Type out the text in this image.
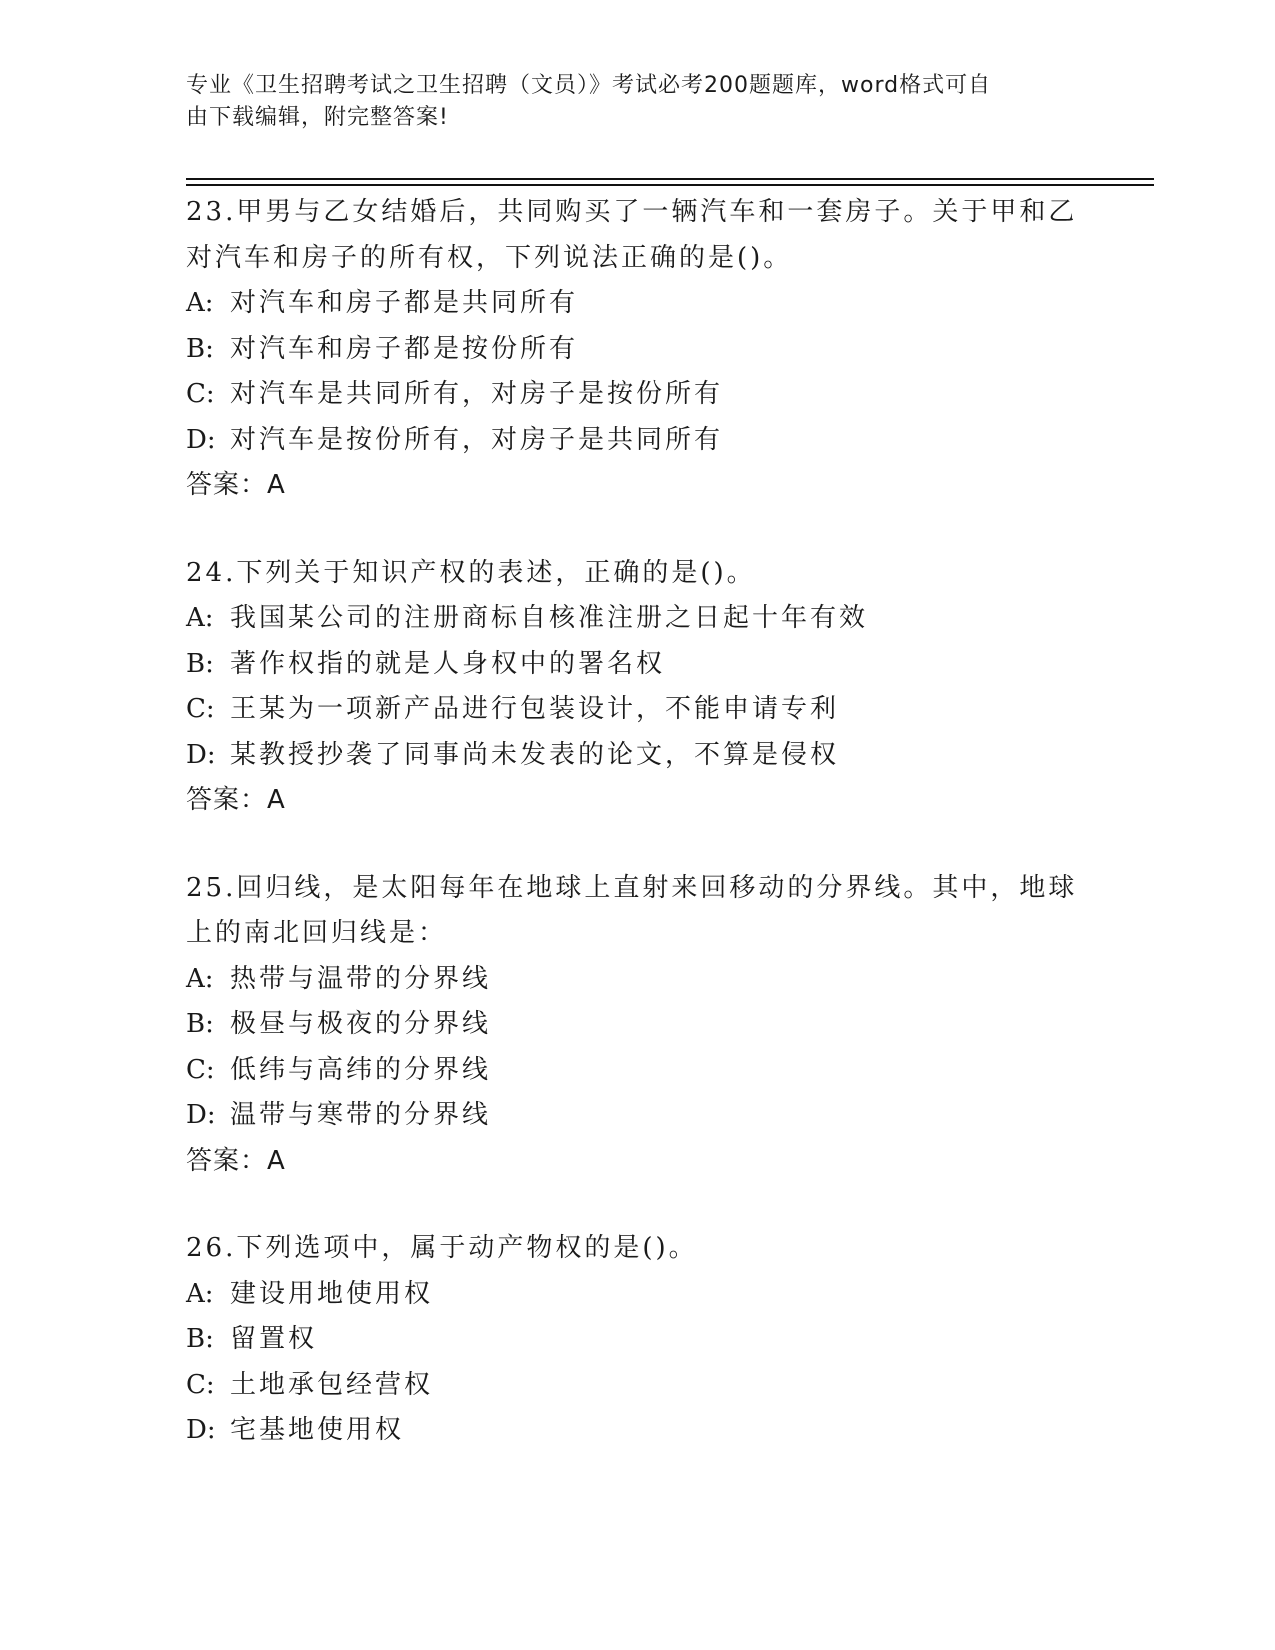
专业《卫生招聘考试之卫生招聘（文员）》考试必考200题题库，word格式可自
由下载编辑，附完整答案!

23.甲男与乙女结婚后，共同购买了一辆汽车和一套房子。关于甲和乙

对汽车和房子的所有权，下列说法正确的是()。

A: 对汽车和房子都是共同所有

B: 对汽车和房子都是按份所有

C: 对汽车是共同所有，对房子是按份所有

D: 对汽车是按份所有，对房子是共同所有

答案：A

24.下列关于知识产权的表述，正确的是()。

A: 我国某公司的注册商标自核准注册之日起十年有效

B: 著作权指的就是人身权中的署名权

C: 王某为一项新产品进行包装设计，不能申请专利

D: 某教授抄袭了同事尚未发表的论文，不算是侵权

答案：A

25.回归线，是太阳每年在地球上直射来回移动的分界线。其中，地球

上的南北回归线是：

A: 热带与温带的分界线

B: 极昼与极夜的分界线

C: 低纬与高纬的分界线

D: 温带与寒带的分界线

答案：A

26.下列选项中，属于动产物权的是()。

A: 建设用地使用权

B: 留置权

C: 土地承包经营权

D: 宅基地使用权
